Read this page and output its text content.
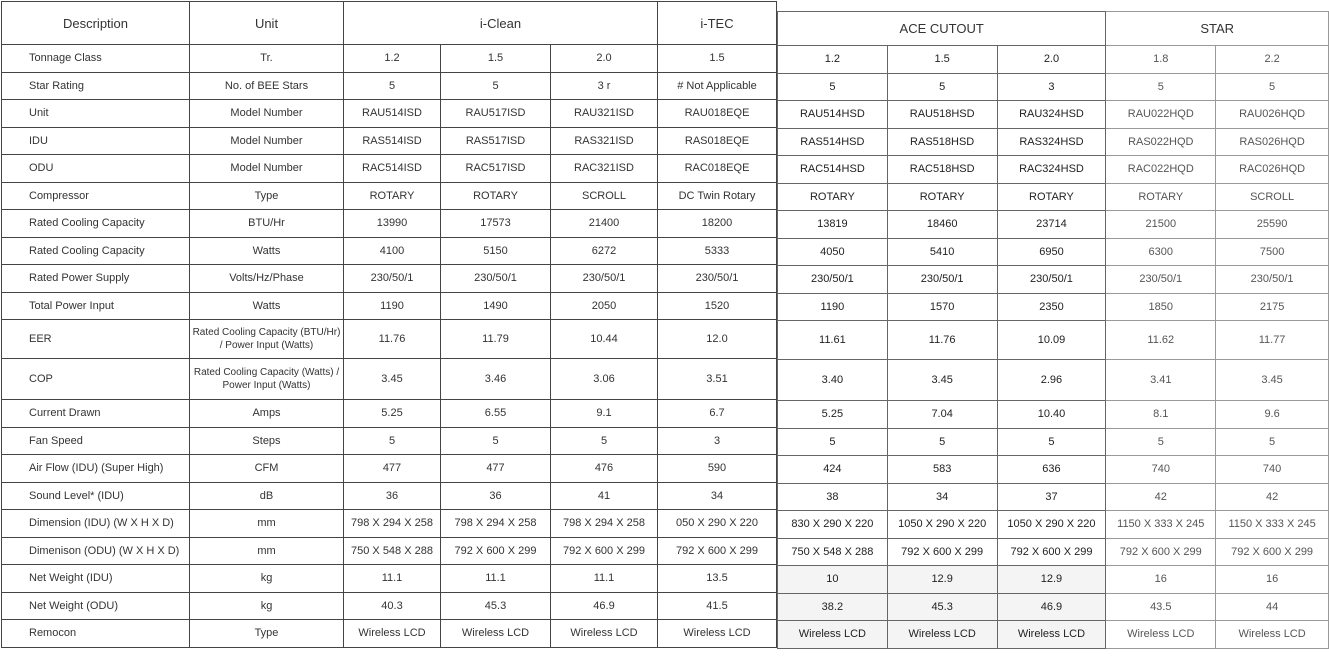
Description	Unit	i-Clean			i-TEC
Tonnage Class	Tr.	1.2	1.5	2.0	1.5
Star Rating	No. of BEE Stars	5	5	3 r	# Not Applicable
Unit	Model Number	RAU514ISD	RAU517ISD	RAU321ISD	RAU018EQE
IDU	Model Number	RAS514ISD	RAS517ISD	RAS321ISD	RAS018EQE
ODU	Model Number	RAC514ISD	RAC517ISD	RAC321ISD	RAC018EQE
Compressor	Type	ROTARY	ROTARY	SCROLL	DC Twin Rotary
Rated Cooling Capacity	BTU/Hr	13990	17573	21400	18200
Rated Cooling Capacity	Watts	4100	5150	6272	5333
Rated Power Supply	Volts/Hz/Phase	230/50/1	230/50/1	230/50/1	230/50/1
Total Power Input	Watts	1190	1490	2050	1520
EER	Rated Cooling Capacity (BTU/Hr) / Power Input (Watts)	11.76	11.79	10.44	12.0
COP	Rated Cooling Capacity (Watts) / Power Input (Watts)	3.45	3.46	3.06	3.51
Current Drawn	Amps	5.25	6.55	9.1	6.7
Fan Speed	Steps	5	5	5	3
Air Flow (IDU) (Super High)	CFM	477	477	476	590
Sound Level* (IDU)	dB	36	36	41	34
Dimension (IDU) (W X H X D)	mm	798 X 294 X 258	798 X 294 X 258	798 X 294 X 258	050 X 290 X 220
Dimenison (ODU) (W X H X D)	mm	750 X 548 X 288	792 X 600 X 299	792 X 600 X 299	792 X 600 X 299
Net Weight (IDU)	kg	11.1	11.1	11.1	13.5
Net Weight (ODU)	kg	40.3	45.3	46.9	41.5
Remocon	Type	Wireless LCD	Wireless LCD	Wireless LCD	Wireless LCD
ACE CUTOUT			STAR	
1.2	1.5	2.0	1.8	2.2
5	5	3	5	5
RAU514HSD	RAU518HSD	RAU324HSD	RAU022HQD	RAU026HQD
RAS514HSD	RAS518HSD	RAS324HSD	RAS022HQD	RAS026HQD
RAC514HSD	RAC518HSD	RAC324HSD	RAC022HQD	RAC026HQD
ROTARY	ROTARY	ROTARY	ROTARY	SCROLL
13819	18460	23714	21500	25590
4050	5410	6950	6300	7500
230/50/1	230/50/1	230/50/1	230/50/1	230/50/1
1190	1570	2350	1850	2175
11.61	11.76	10.09	11.62	11.77
3.40	3.45	2.96	3.41	3.45
5.25	7.04	10.40	8.1	9.6
5	5	5	5	5
424	583	636	740	740
38	34	37	42	42
830 X 290 X 220	1050 X 290 X 220	1050 X 290 X 220	1150 X 333 X 245	1150 X 333 X 245
750 X 548 X 288	792 X 600 X 299	792 X 600 X 299	792 X 600 X 299	792 X 600 X 299
10	12.9	12.9	16	16
38.2	45.3	46.9	43.5	44
Wireless LCD	Wireless LCD	Wireless LCD	Wireless LCD	Wireless LCD
